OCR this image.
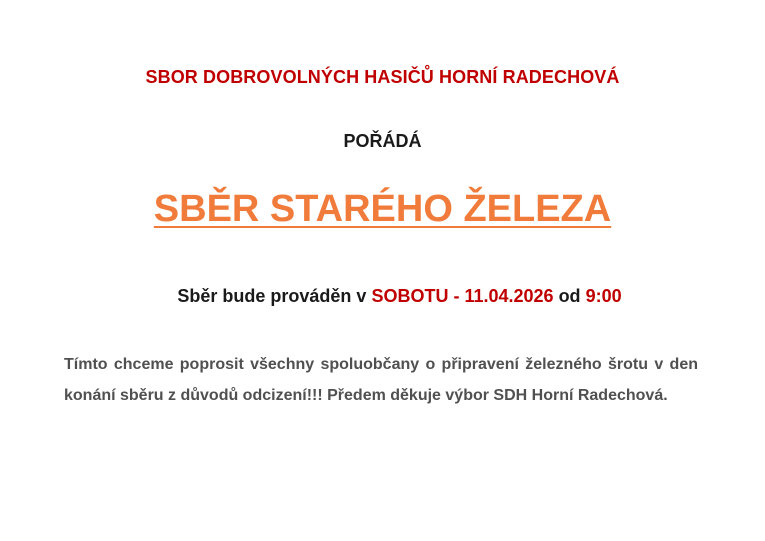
SBOR DOBROVOLNÝCH HASIČŮ HORNÍ RADECHOVÁ
POŘÁDÁ
SBĚR STARÉHO ŽELEZA
Sběr bude prováděn v SOBOTU - 11.04.2026 od 9:00
Tímto chceme poprosit všechny spoluobčany o připravení železného šrotu v den konání sběru z důvodů odcizení!!! Předem děkuje výbor SDH Horní Radechová.
